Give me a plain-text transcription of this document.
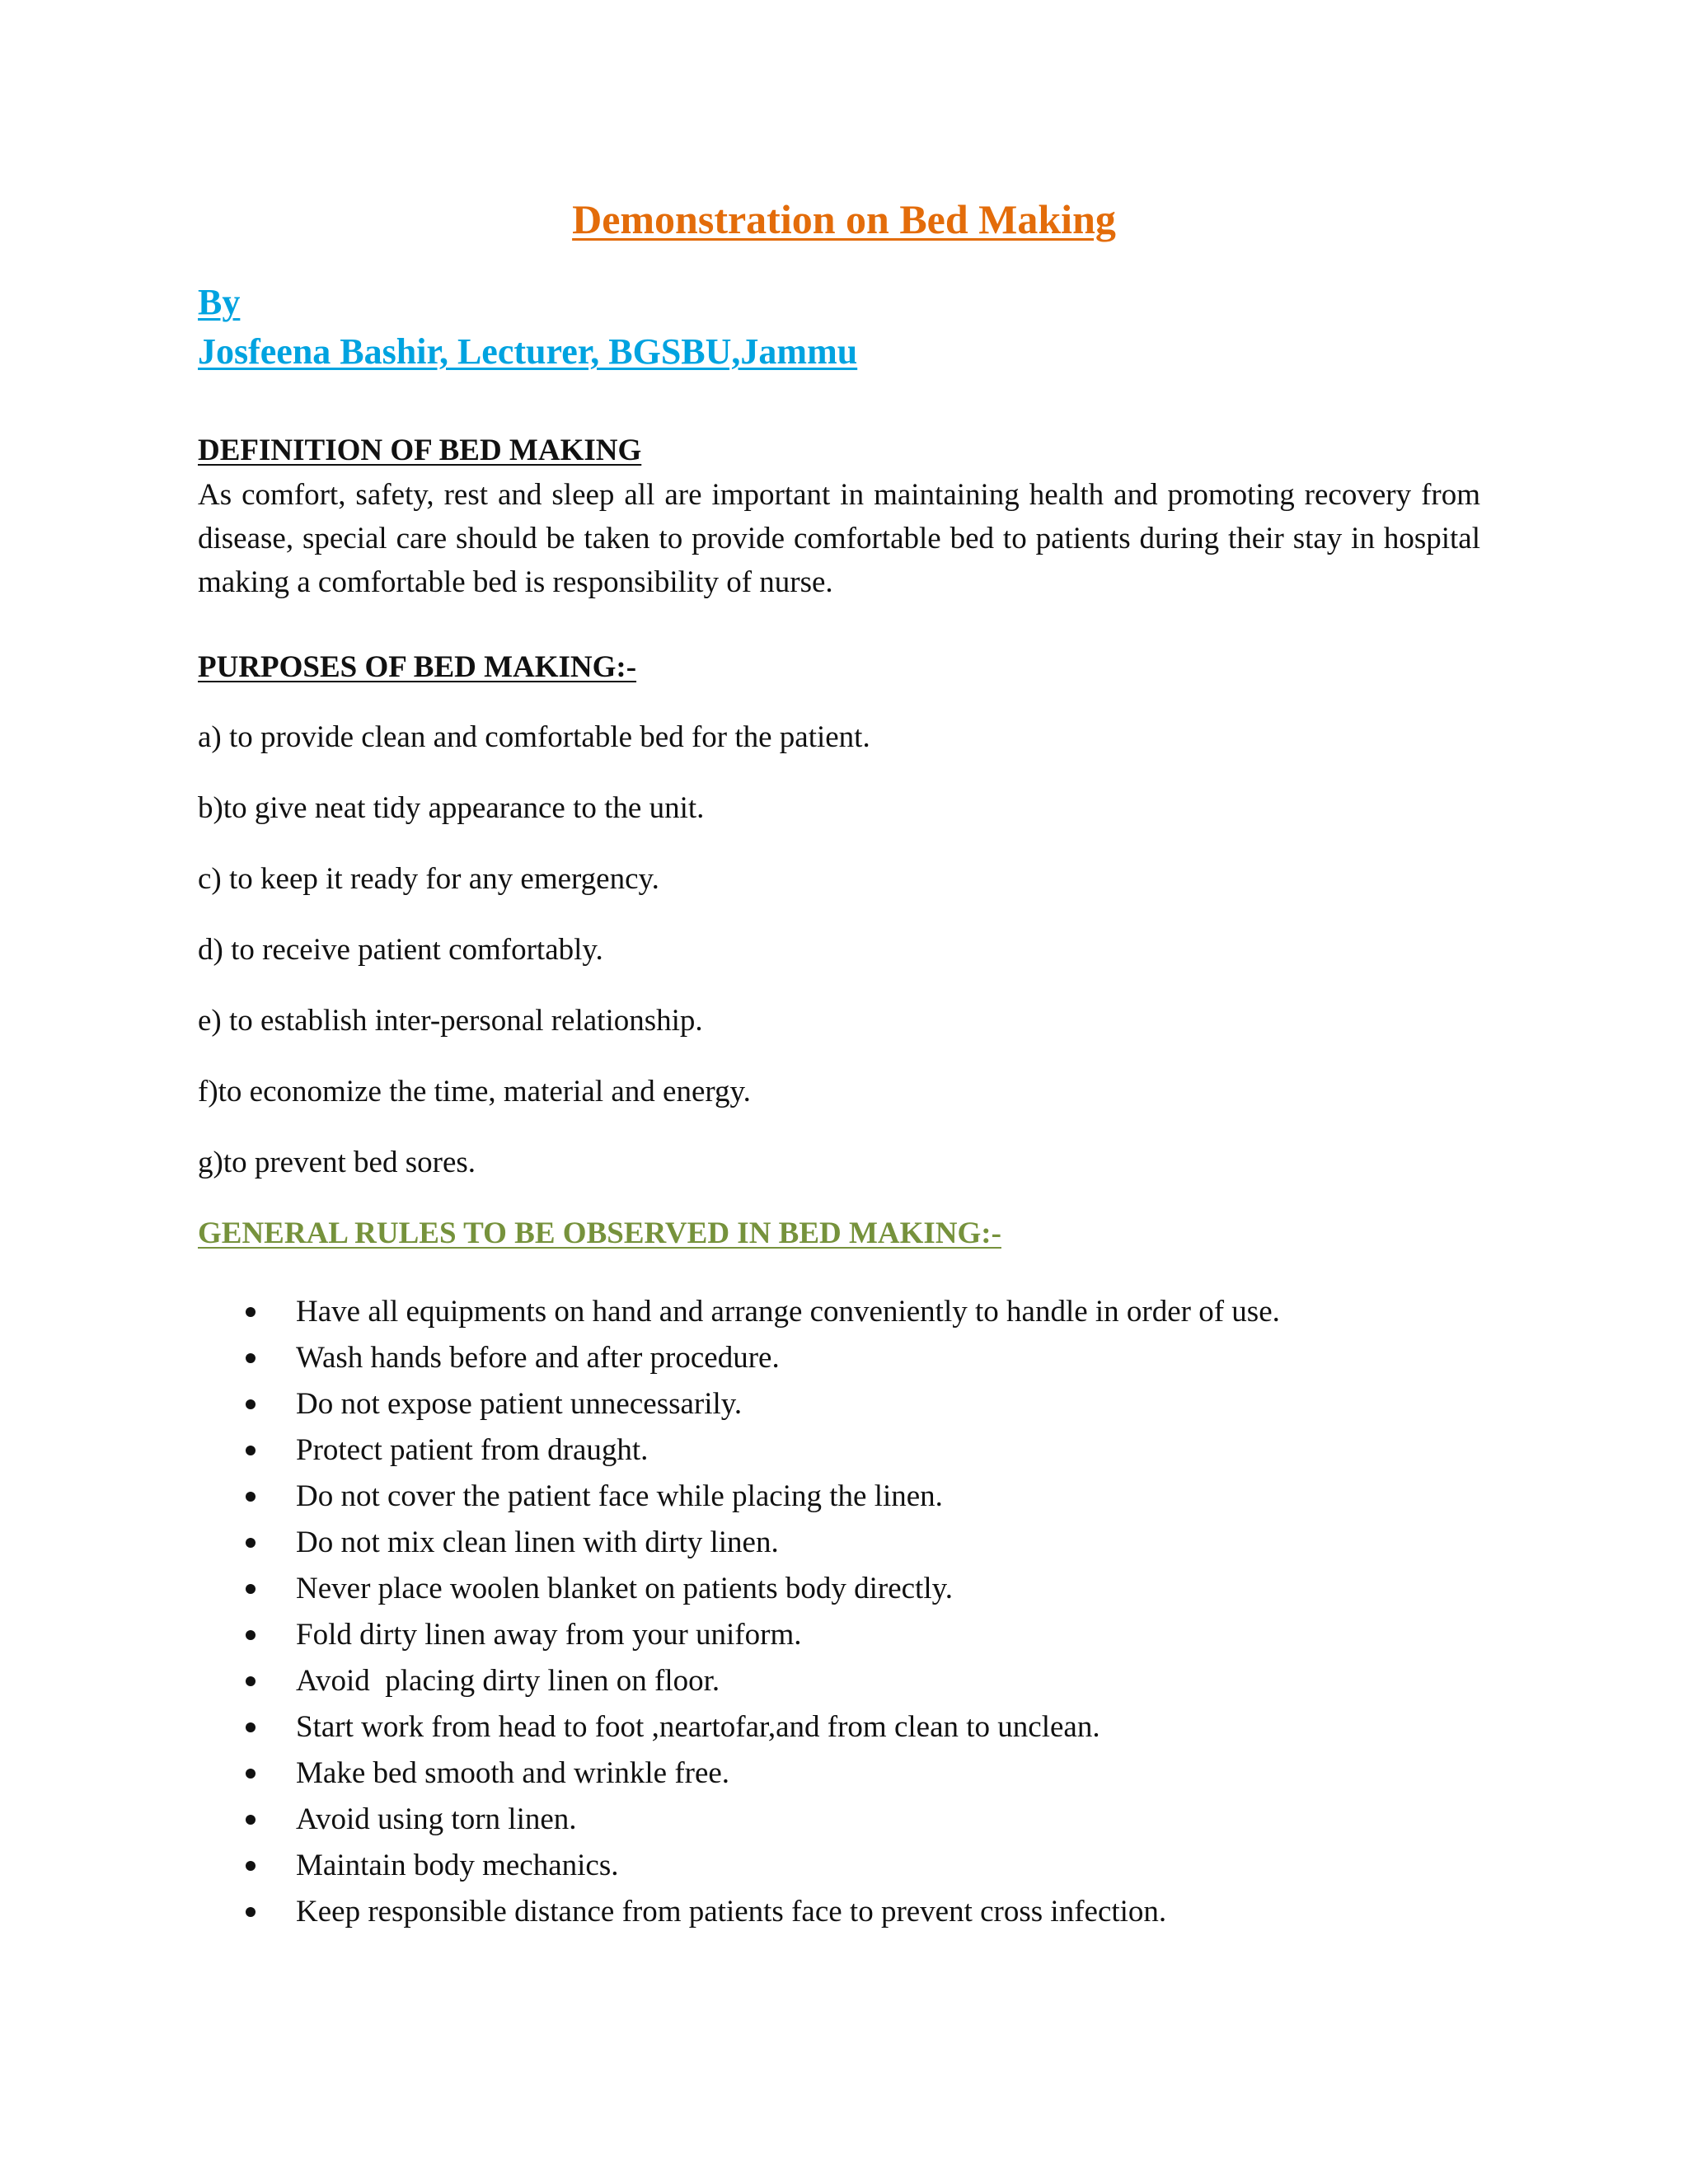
Demonstration on Bed Making
By
Josfeena Bashir, Lecturer, BGSBU,Jammu
DEFINITION OF BED MAKING
As comfort, safety, rest and sleep all are important in maintaining health and promoting recovery from disease, special care should be taken to provide comfortable bed to patients during their stay in hospital making a comfortable bed is responsibility of nurse.
PURPOSES OF BED MAKING:-
a) to provide clean and comfortable bed for the patient.
b)to give neat tidy appearance to the unit.
c) to keep it ready for any emergency.
d) to receive patient comfortably.
e) to establish inter-personal relationship.
f)to economize the time, material and energy.
g)to prevent bed sores.
GENERAL RULES TO BE OBSERVED IN BED MAKING:-
Have all equipments on hand and arrange conveniently to handle in order of use.
Wash hands before and after procedure.
Do not expose patient unnecessarily.
Protect patient from draught.
Do not cover the patient face while placing the linen.
Do not mix clean linen with dirty linen.
Never place woolen blanket on patients body directly.
Fold dirty linen away from your uniform.
Avoid  placing dirty linen on floor.
Start work from head to foot ,neartofar,and from clean to unclean.
Make bed smooth and wrinkle free.
Avoid using torn linen.
Maintain body mechanics.
Keep responsible distance from patients face to prevent cross infection.
